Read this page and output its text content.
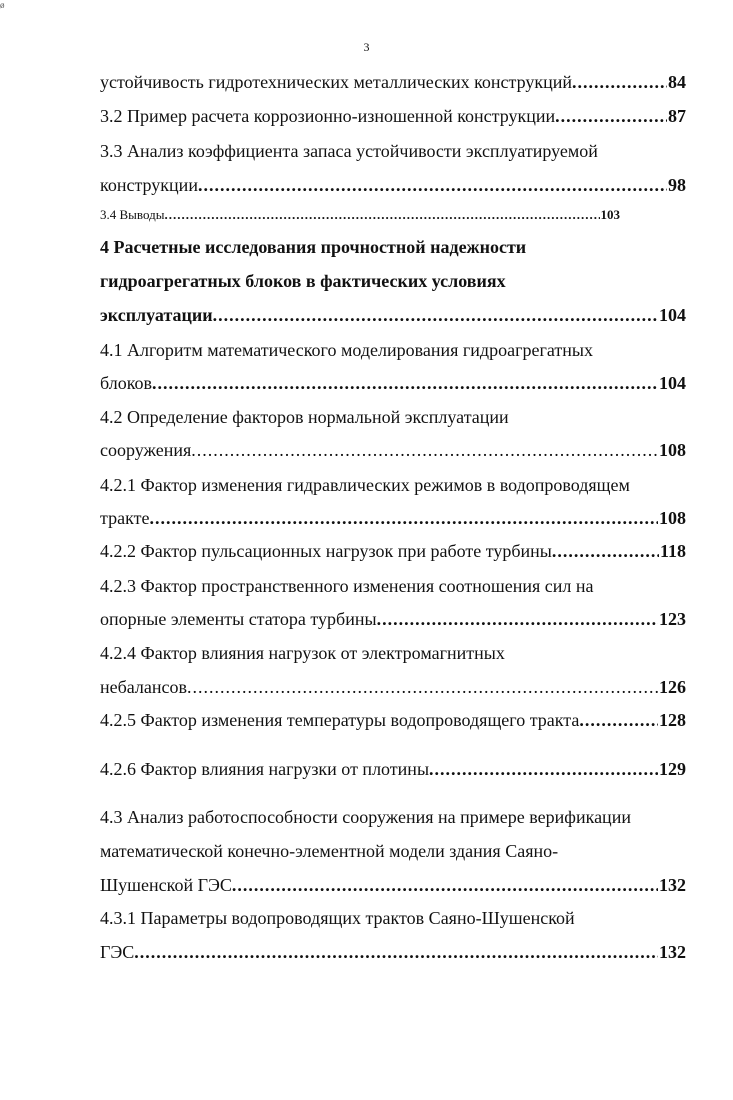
ø
3
устойчивость гидротехнических металлических конструкций .....	84
3.2 Пример расчета коррозионно-изношенной конструкции .....	87
3.3 Анализ коэффициента запаса устойчивости эксплуатируемой
конструкции .....	98
3.4 Выводы .....	103
4 Расчетные исследования прочностной надежности
гидроагрегатных блоков в фактических условиях
эксплуатации .....	104
4.1 Алгоритм математического моделирования гидроагрегатных
блоков .....	104
4.2 Определение факторов нормальной эксплуатации
сооружения .....	108
4.2.1 Фактор изменения гидравлических режимов в водопроводящем
тракте .....	108
4.2.2 Фактор пульсационных нагрузок при работе турбины .....	118
4.2.3 Фактор пространственного изменения соотношения сил на
опорные элементы статора турбины .....	123
4.2.4 Фактор влияния нагрузок от электромагнитных
небалансов .....	126
4.2.5 Фактор изменения температуры водопроводящего тракта .....	128
4.2.6 Фактор влияния нагрузки от плотины .....	129
4.3 Анализ работоспособности сооружения на примере верификации
математической конечно-элементной модели здания Саяно-
Шушенской ГЭС .....	132
4.3.1 Параметры водопроводящих трактов Саяно-Шушенской
ГЭС .....	132
